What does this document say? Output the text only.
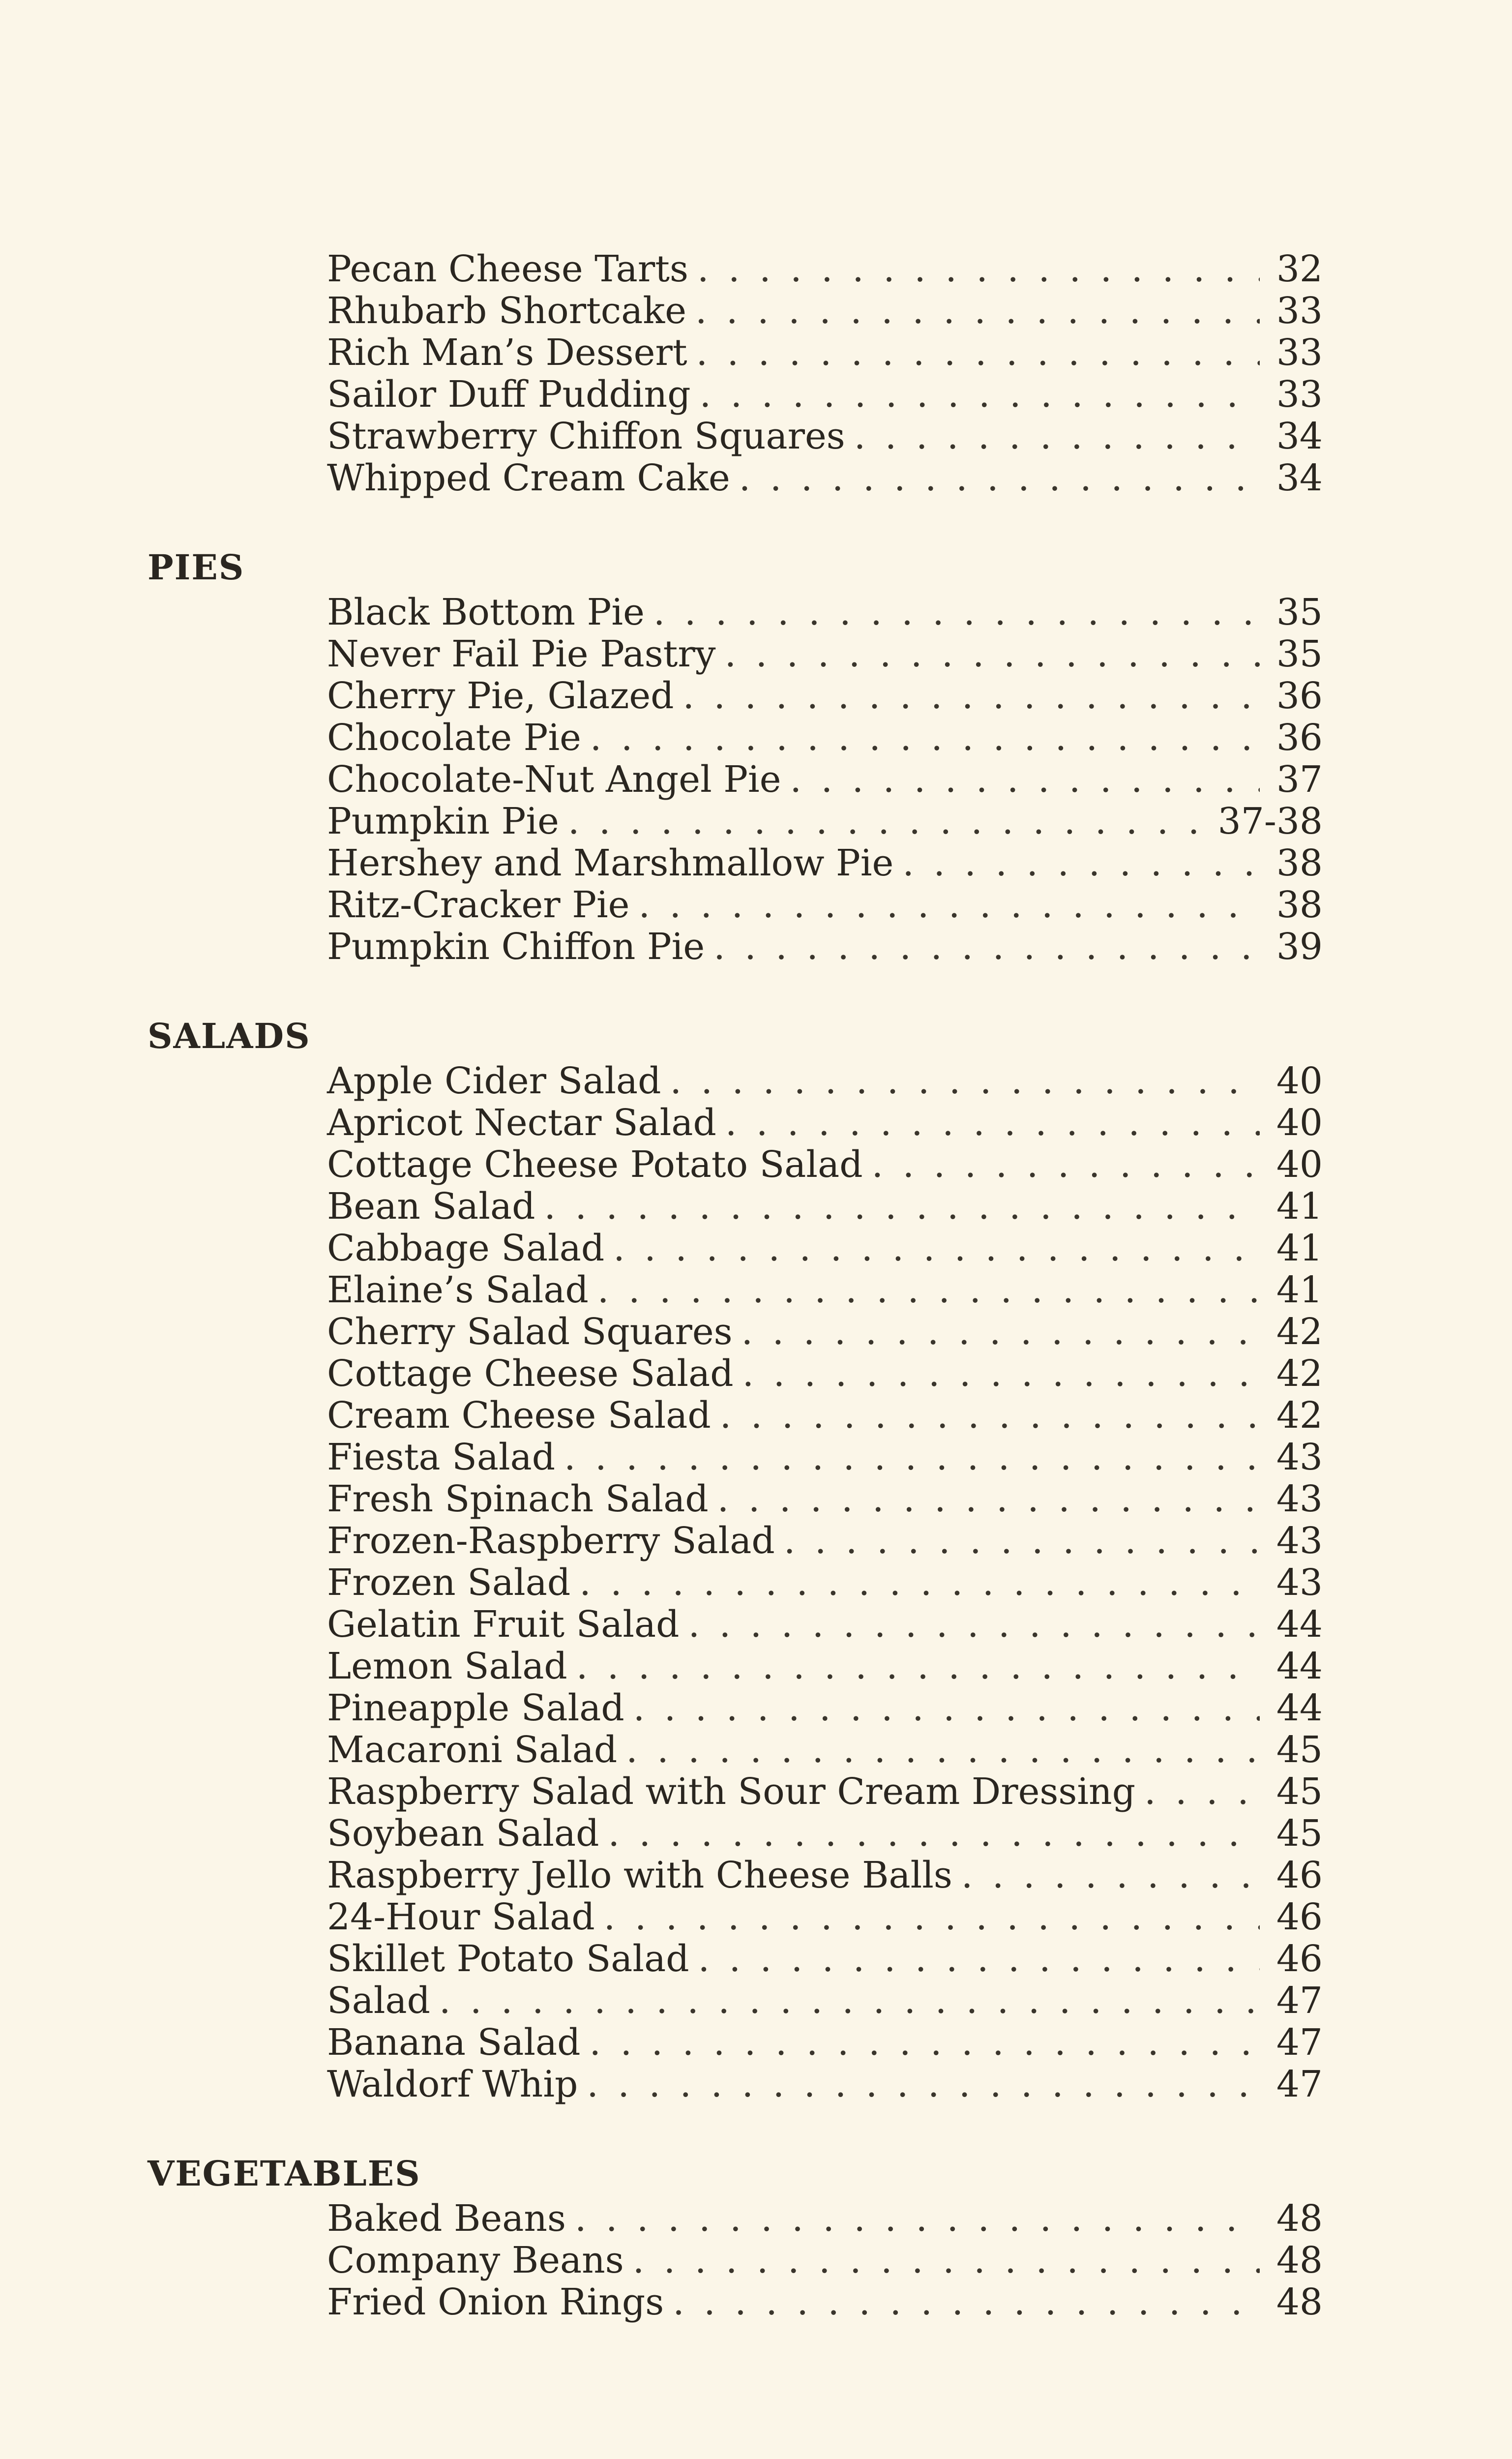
Pecan Cheese Tarts . . .	32
Rhubarb Shortcake . . .	33
Rich Man’s Dessert . . .	33
Sailor Duff Pudding . . .	33
Strawberry Chiffon Squares . . .	34
Whipped Cream Cake . . .	34
PIES
Black Bottom Pie . . .	35
Never Fail Pie Pastry . . .	35
Cherry Pie, Glazed . . .	36
Chocolate Pie . . .	36
Chocolate-Nut Angel Pie . . .	37
Pumpkin Pie . . .	37-38
Hershey and Marshmallow Pie . . .	38
Ritz-Cracker Pie . . .	38
Pumpkin Chiffon Pie . . .	39
SALADS
Apple Cider Salad . . .	40
Apricot Nectar Salad . . .	40
Cottage Cheese Potato Salad . . .	40
Bean Salad . . .	41
Cabbage Salad . . .	41
Elaine’s Salad . . .	41
Cherry Salad Squares . . .	42
Cottage Cheese Salad . . .	42
Cream Cheese Salad . . .	42
Fiesta Salad . . .	43
Fresh Spinach Salad . . .	43
Frozen-Raspberry Salad . . .	43
Frozen Salad . . .	43
Gelatin Fruit Salad . . .	44
Lemon Salad . . .	44
Pineapple Salad . . .	44
Macaroni Salad . . .	45
Raspberry Salad with Sour Cream Dressing . . .	45
Soybean Salad . . .	45
Raspberry Jello with Cheese Balls . . .	46
24-Hour Salad . . .	46
Skillet Potato Salad . . .	46
Salad . . .	47
Banana Salad . . .	47
Waldorf Whip . . .	47
VEGETABLES
Baked Beans . . .	48
Company Beans . . .	48
Fried Onion Rings . . .	48
